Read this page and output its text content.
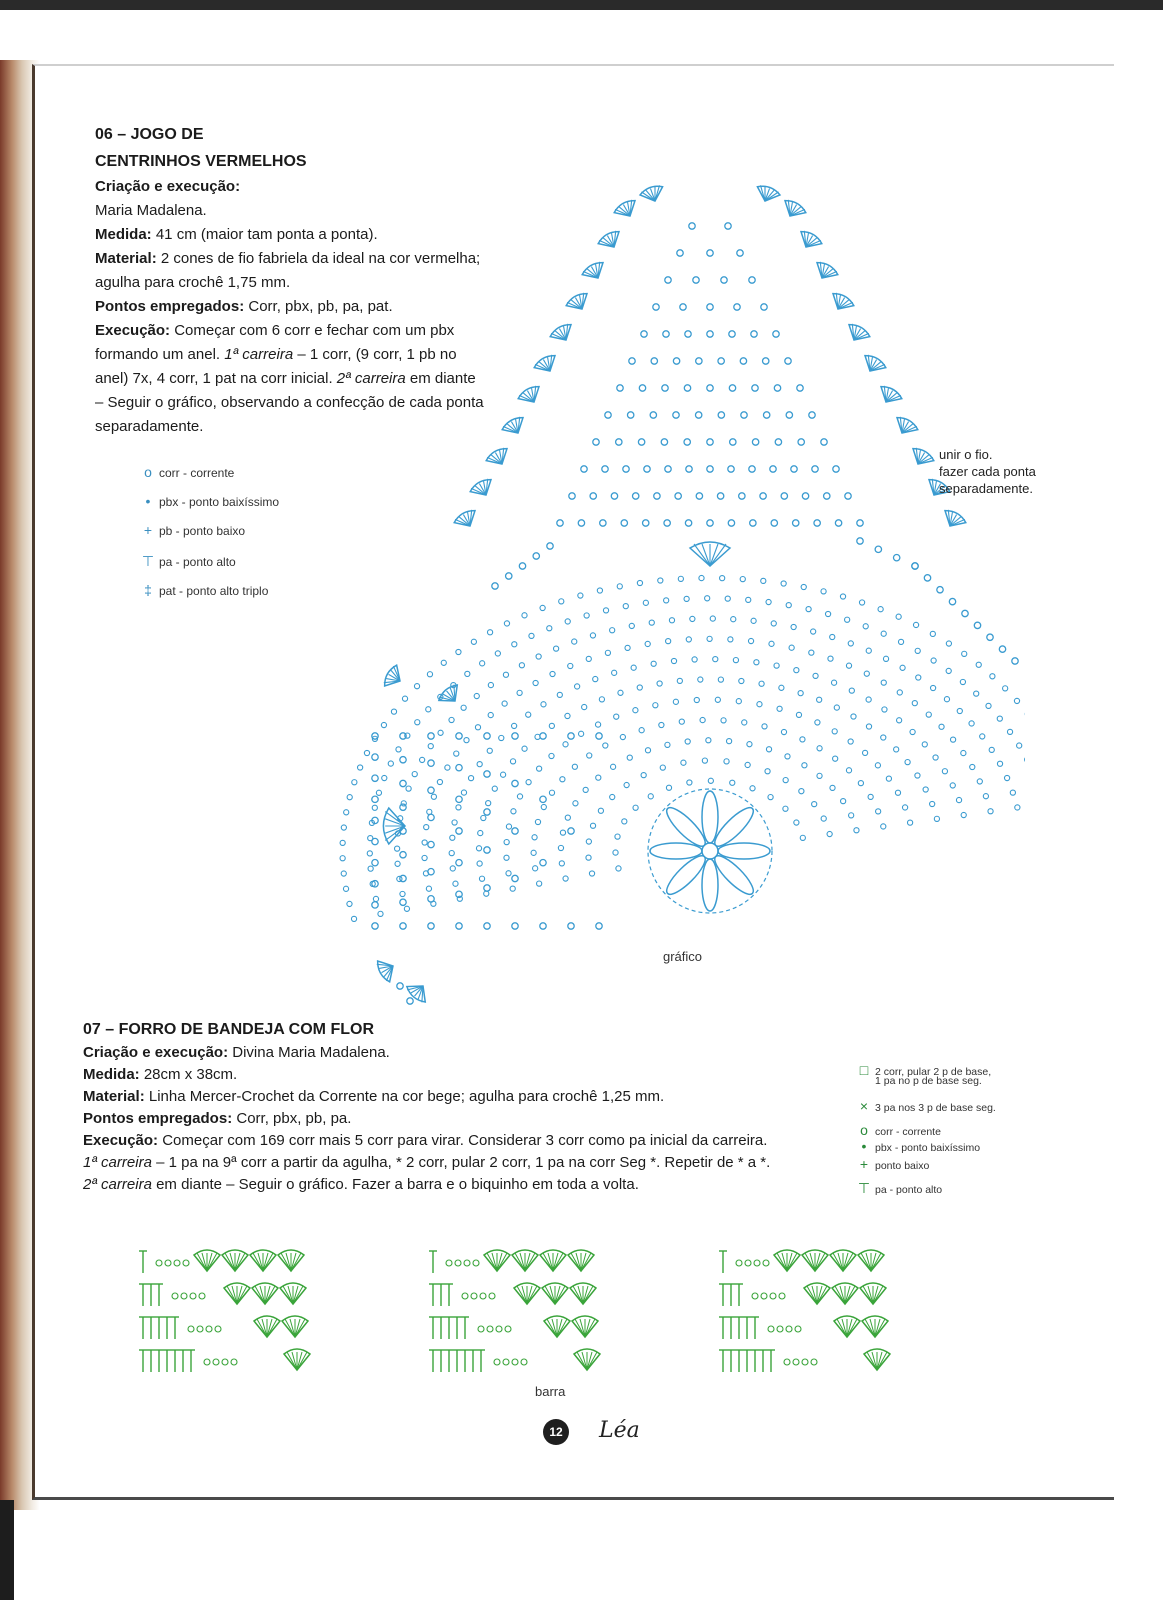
06 – JOGO DE
CENTRINHOS VERMELHOS
Criação e execução:
Maria Madalena.
Medida: 41 cm (maior tam ponta a ponta).
Material: 2 cones de fio fabriela da ideal na cor vermelha;
agulha para crochê 1,75 mm.
Pontos empregados: Corr, pbx, pb, pa, pat.
Execução: Começar com 6 corr e fechar com um pbx
formando um anel. 1ª carreira – 1 corr, (9 corr, 1 pb no
anel) 7x, 4 corr, 1 pat na corr inicial. 2ª carreira em diante
– Seguir o gráfico, observando a confecção de cada ponta
separadamente.
o corr - corrente
• pbx - ponto baixíssimo
+ pb - ponto baixo
⊤ pa - ponto alto
‡ pat - ponto alto triplo
gráfico
unir o fio.
fazer cada ponta
separadamente.
07 – FORRO DE BANDEJA COM FLOR
Criação e execução: Divina Maria Madalena.
Medida: 28cm x 38cm.
Material: Linha Mercer-Crochet da Corrente na cor bege; agulha para crochê 1,25 mm.
Pontos empregados: Corr, pbx, pb, pa.
Execução: Começar com 169 corr mais 5 corr para virar. Considerar 3 corr como pa inicial da carreira.
1ª carreira – 1 pa na 9ª corr a partir da agulha, * 2 corr, pular 2 corr, 1 pa na corr Seg *. Repetir de * a *.
2ª carreira em diante – Seguir o gráfico. Fazer a barra e o biquinho em toda a volta.
□ 2 corr, pular 2 p de base,
1 pa no p de base seg.
× 3 pa nos 3 p de base seg.
o corr - corrente
• pbx - ponto baixíssimo
+ ponto baixo
⊤ pa - ponto alto
barra
12 Léa
